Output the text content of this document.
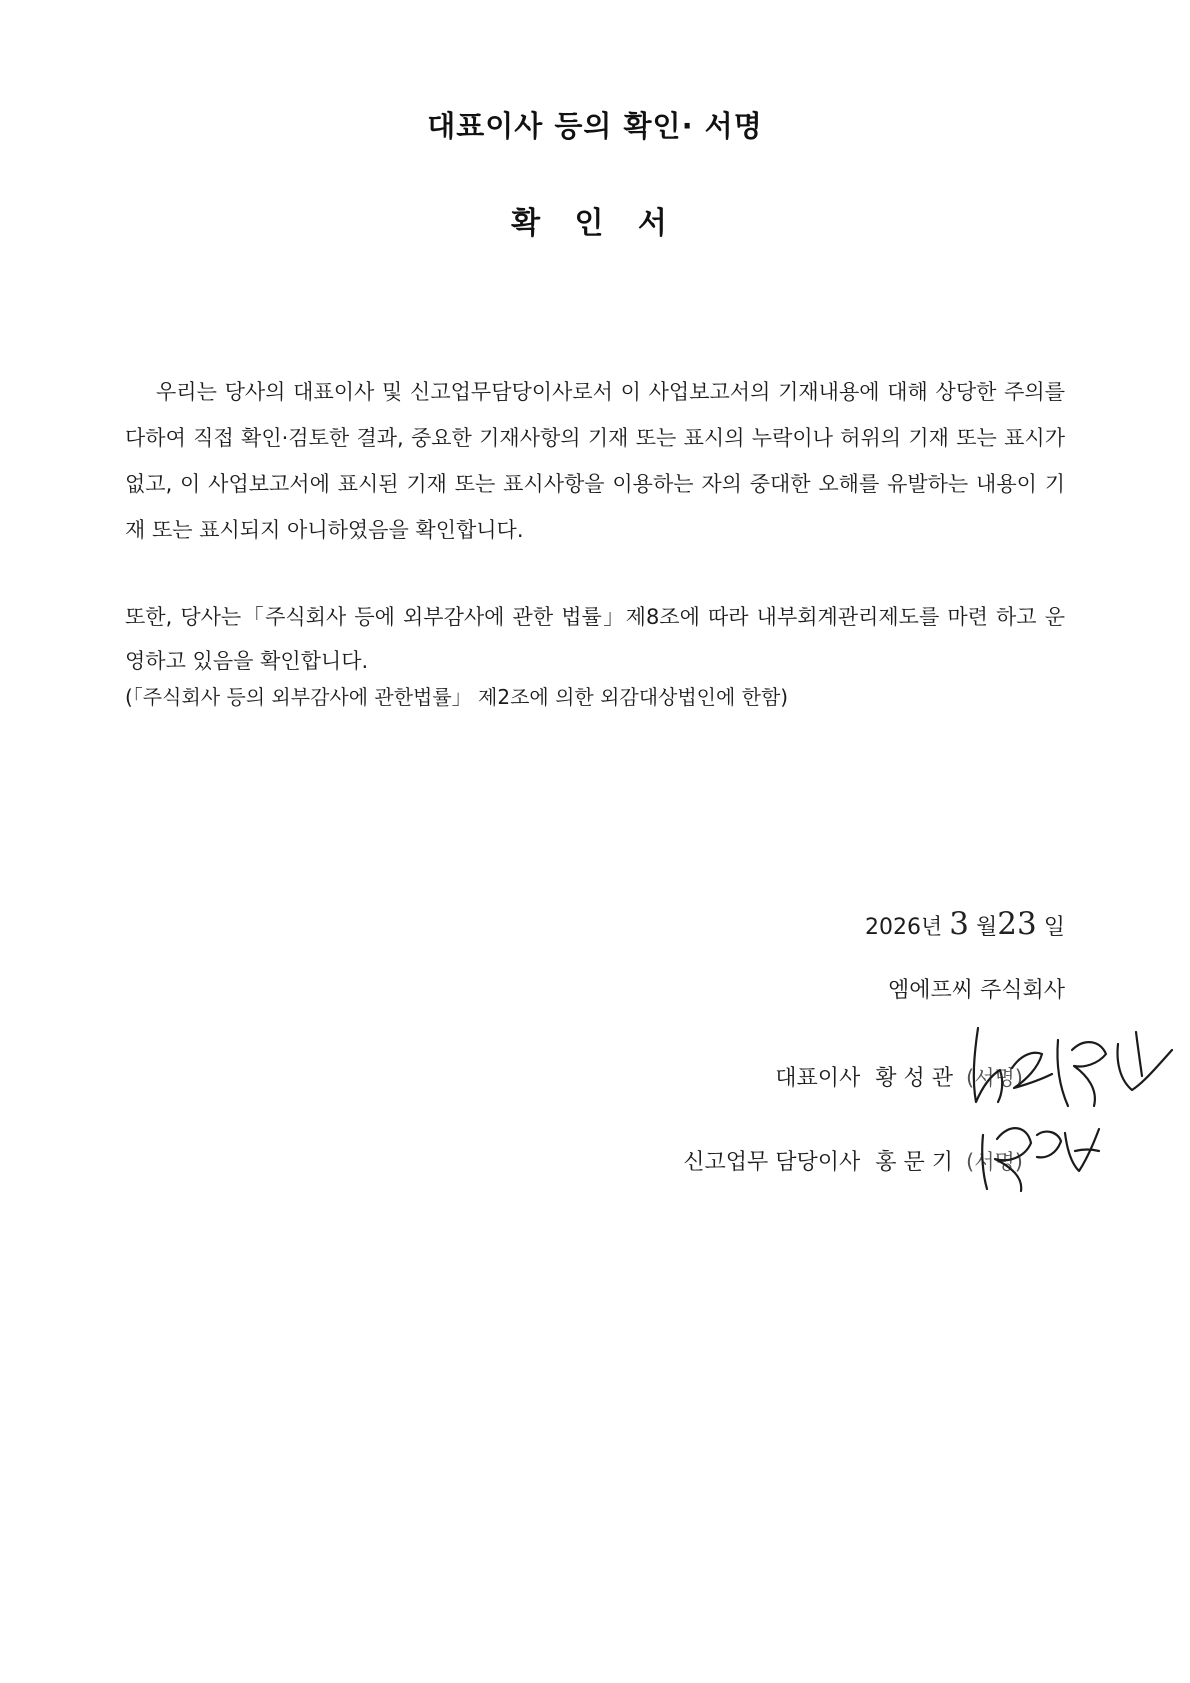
대표이사 등의 확인· 서명
확 인 서

우리는 당사의 대표이사 및 신고업무담당이사로서 이 사업보고서의 기재내용에 대해 상당한 주의를 다하여 직접 확인·검토한 결과, 중요한 기재사항의 기재 또는 표시의 누락이나 허위의 기재 또는 표시가 없고, 이 사업보고서에 표시된 기재 또는 표시사항을 이용하는 자의 중대한 오해를 유발하는 내용이 기재 또는 표시되지 아니하였음을 확인합니다.

또한, 당사는「주식회사 등에 외부감사에 관한 법률」제8조에 따라 내부회계관리제도를 마련 하고 운영하고 있음을 확인합니다.

(「주식회사 등의 외부감사에 관한법률」 제2조에 의한 외감대상법인에 한함)

2026년 3 월23 일
엠에프씨 주식회사
대표이사 황 성 관 (서명)
신고업무 담당이사 홍 문 기 (서명)
